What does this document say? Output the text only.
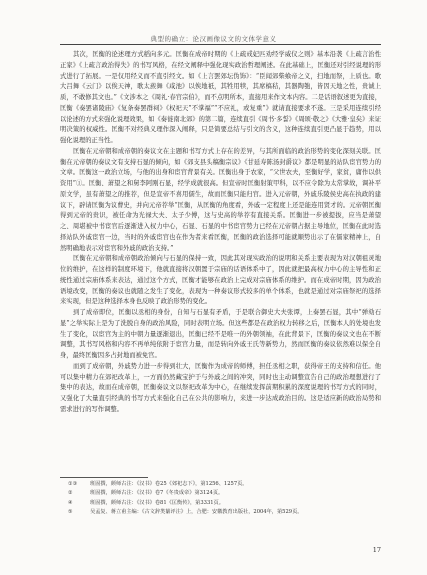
典型的确立：论汉画像议文的文体学意义

其次，匡衡的论述理方式稻向多元。匡衡在成帝时期的《上疏戒妃匹劝经学威仪之则》基本沿袭《上疏言治性正家》《上疏言政治得失》的书写风格，在经文阐释中强化现实政治哲理阐述。在此基础上，匡衡还对引经说理的形式进行了拓展。一是仅用经义而不直引经文。如《上言罢郊坛伪饰》：“臣闻郊柴飨帝之义，扫地而祭，上质也。歌大吕舞《云门》以俟天神，歌太蔟舞《咸池》以俟地祇，其牲用犊，其席槁秸，其器陶匏，皆因天地之性，贵诚上质，不敢修其文也。”《文涉本之《周礼·春官宗伯》，而不点明所本，直接用来作文本内容。二是话语叙述更为直接，匡衡《奏罢诸陵庙》《复条奏罢群祠》《权祀天”不掌福”“不应礼，或复重”》就请直接要求不遂。三是采用连续引经以论述的方式来强化说理效果，如《奏徙南北郊》的第二篇，连续直引《周书·多誓》《周颂·敬之》《大雅·皇矣》来证明决策的权威性。匡衡不对经典义理作深入阐释，只是简要总结与引文的含义，这种连续直引更凸显于趋势，用以强化说理的正当性。

匡衡在元帝朝和成帝朝的奏议文在主题和书写方式上存在的差异，与其所面临的政治形势的变化深刻关联。匡衡在元帝朝的奏议文有支持石显的倾向，如《郊支县头稿衡宗议》《甘延寿陈汤封爵议》都是明显的站队宦官势力的文章。匡衡这一政治立场，与他的出身和宦官背景有关。匡衡出身于农家，“父世农夫，至衡好学，家贫，庸作以供资用”①。匡衡、萧望之和舅李阿刚石显，经学成就很高。但宣帝时匡衡射策甲科，以不应令除为太常掌故，调补平原文学，虽有萧望之的推荐，但是宣帝不喜用儒生，故而匡衡只能归官。进入元帝朝，外戚乐陵侯史高在执政的建议下，辟请匡衡为议曹史，并向元帝荐举“匡衡，从匡衡的角度看，外戚一定程度上还是能连用贤才的。元帝朝匡衡得到元帝的贵识，被任命为光禄大夫、太子少傅，这与史高的举荐有直接关系。匡衡进一步被提拔，应当是萧望之、周堪被中书宦官后逐渐进入权力中心，石显、石显的中书宦官势力已经在元帝朝占据主导地位，匡衡在此时选择站队外戚宦官一边，当时的外戚宦官也在作为者来看匡衡，匡衡的政治选择可能就顺势出示了在儒家精神上，自然明确地表示对宦官和外戚的政治支持。”

匡衡在元帝朝和成帝朝政治倾向与石显的保持一致，因此其对现实政治的说明和关系主要表现为对汉朝祖灵地位的维护，在这样的制度环境下，他就直接将汉朝置于宗庙的话语体系中了，因此就把最高权力中心的主导性和正统性通过宗庙体系来表达，通过这个方式，匡衡才能够在政治上完成对宗庙体系的维护。而在成帝时期，因为政治语境改变，匡衡的奏议也就随之发生了变化，表现为一种奏议形式较多的单个体系，也就是通过对宗庙祭祀的选择来实现，但是这种选择本身也反映了政治形势的变化。

到了成帝即位，匡衡以丞相的身份，自知与石显有矛盾，于是联合御史大夫张谭，上奏罢石显，其中“弹劾石显”之举实际上是为了洗脱自身的政治风险，同时表明立场。但这些都是在政治权力转移之后，匡衡本人的处境也发生了变化，以宦官为主的中朝力量逐渐退出，匡衡已经不是唯一的外朝领袖，在此背景下，匡衡的奏议文也在不断调整，其书写风格和内容不再单纯依附于宦官力量，而是转向外戚王氏等新势力，然而匡衡的奏议依然难以保全自身，最终匡衡因多占封地而被免官。

而到了成帝朝，外戚势力进一步得到壮大，匡衡作为成帝的师傅，担任丞相之职，获得帝王的支持和信任。他可以集中精力在郊祀改革上，一方面仍然藏宝护于与外戚之间的冲突，同时也主动调整宣告自己的政治理想进行了集中的表达，故而在成帝朝，匡衡奏议文以祭祀改革为中心，在继续发挥前期积累的深度说理的书写方式的同时，又强化了大量直引经典的书写方式来强化自己在公共的影响力，来进一步达成政治目的。这是适应新的政治局势和需求进行的写作调整。

①③	班固撰，颜师古注：《汉书》卷25《郊祀志下》，第1256、1257页。
②	班固撰，颜师古注：《汉书》卷7《冬贵成帝》第3124页。
④	班固撰，颜师古注：《汉书》卷81《匡衡传》，第3331页。
⑤	吴孟复、蒋立甫主编：《古文辞类纂评注》上，合肥：安徽教育出版社，2004年，第529页。
17
